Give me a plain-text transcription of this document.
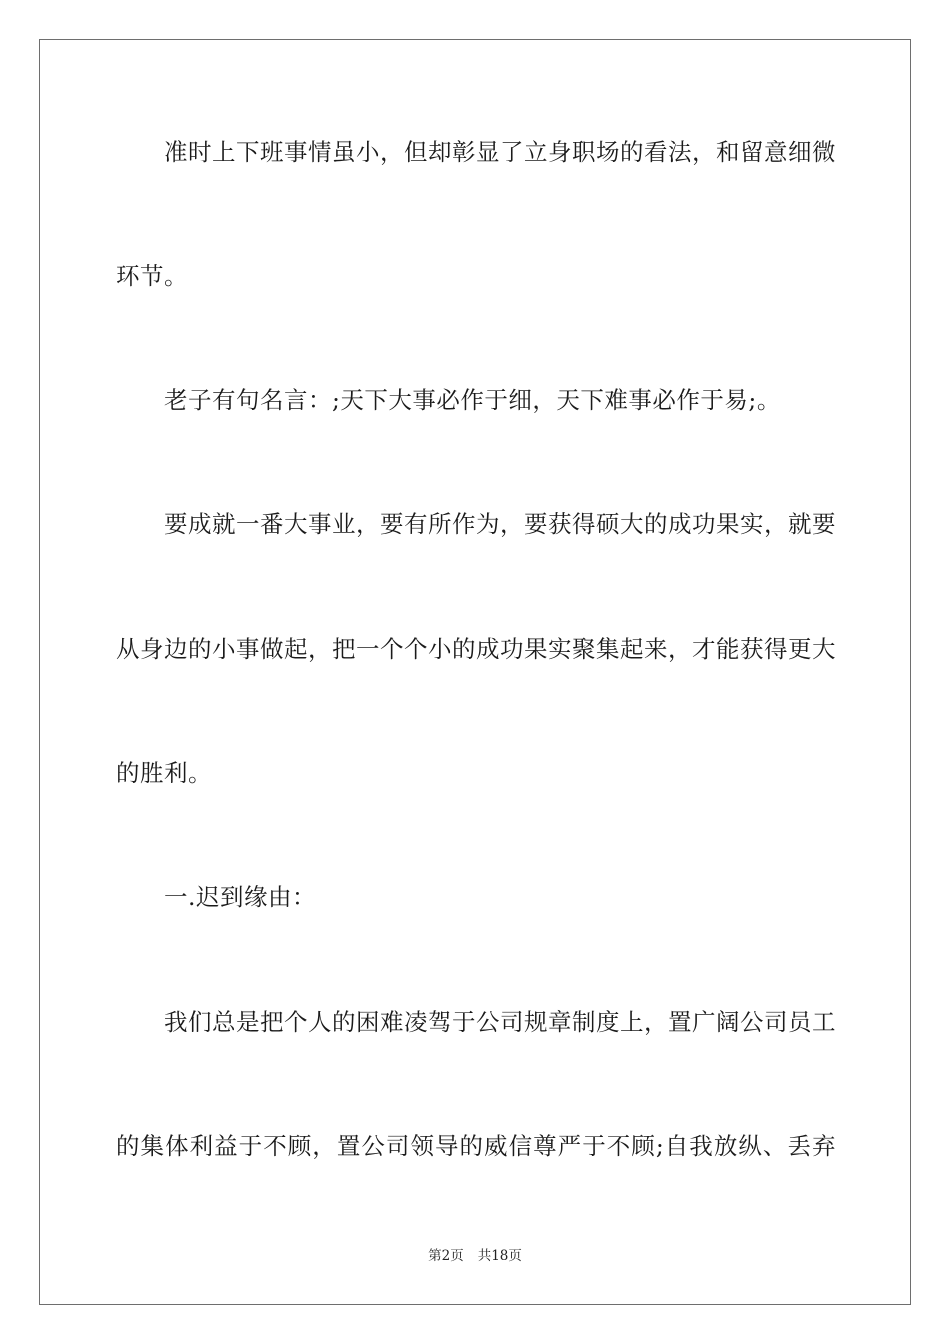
准时上下班事情虽小，但却彰显了立身职场的看法，和留意细微
环节。
老子有句名言：;天下大事必作于细，天下难事必作于易;。
要成就一番大事业，要有所作为，要获得硕大的成功果实，就要
从身边的小事做起，把一个个小的成功果实聚集起来，才能获得更大
的胜利。
一.迟到缘由：
我们总是把个人的困难凌驾于公司规章制度上，置广阔公司员工
的集体利益于不顾，置公司领导的威信尊严于不顾;自我放纵、丢弃
第2页 共18页
